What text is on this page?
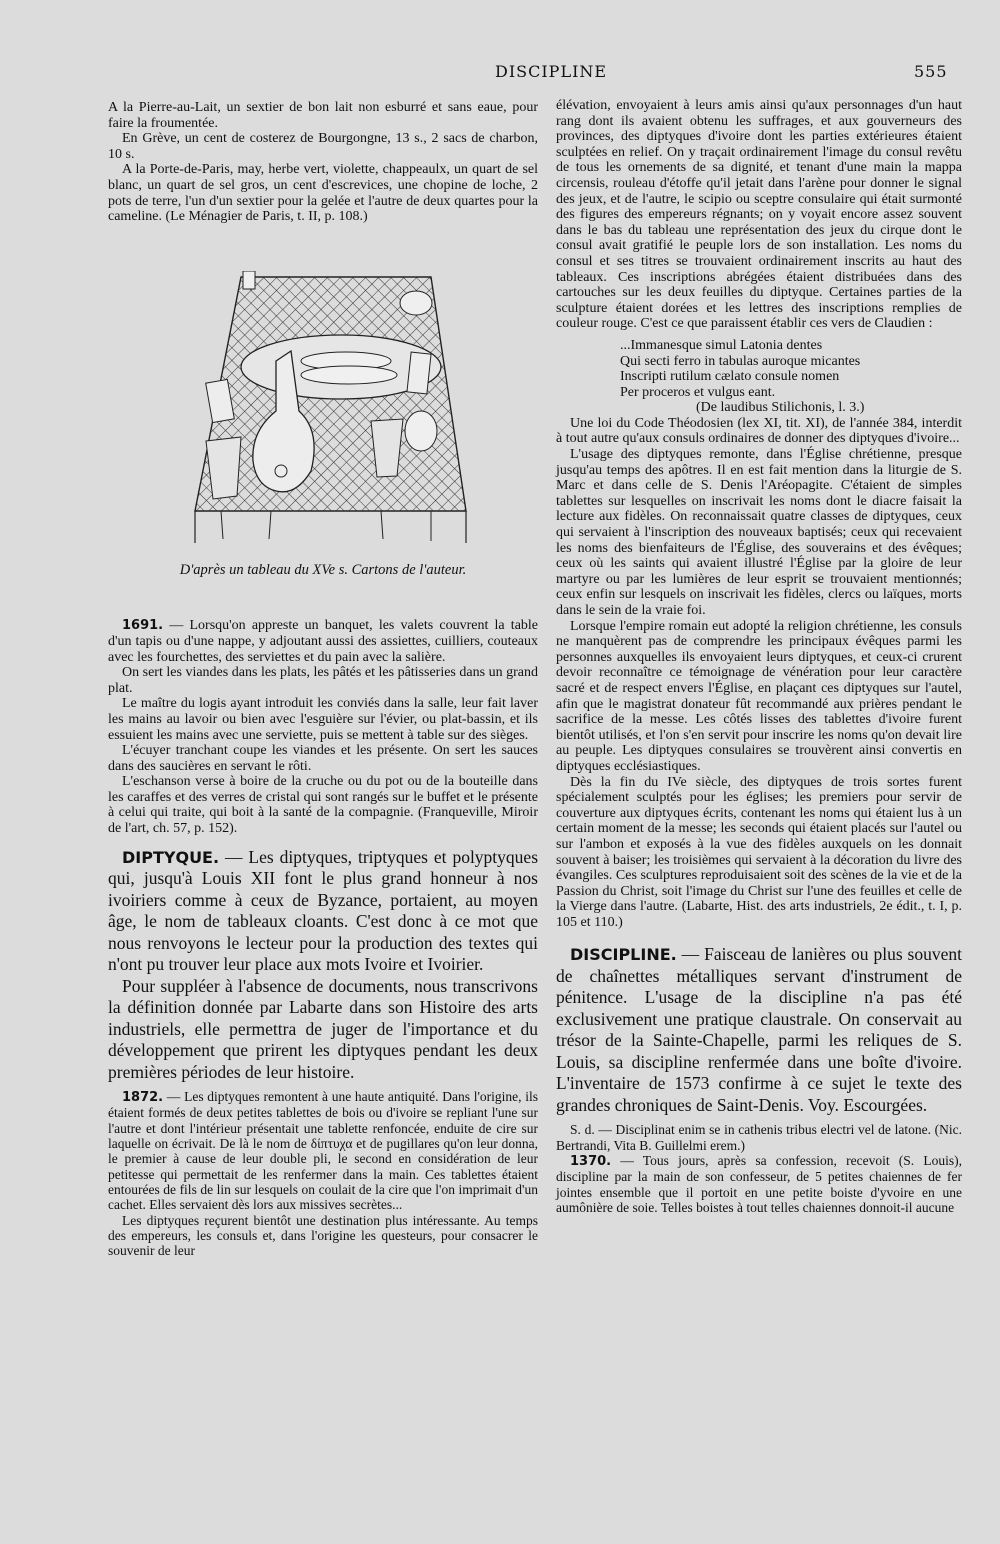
DISCIPLINE	555

A la Pierre-au-Lait, un sextier de bon lait non esburré et sans eaue, pour faire la froumentée.

En Grève, un cent de costerez de Bourgongne, 13 s., 2 sacs de charbon, 10 s.

A la Porte-de-Paris, may, herbe vert, violette, chappeaulx, un quart de sel blanc, un quart de sel gros, un cent d'escrevices, une chopine de loche, 2 pots de terre, l'un d'un sextier pour la gelée et l'autre de deux quartes pour la cameline. (Le Ménagier de Paris, t. II, p. 108.)

D'après un tableau du XVe s. Cartons de l'auteur.

1691. — Lorsqu'on appreste un banquet, les valets couvrent la table d'un tapis ou d'une nappe, y adjoutant aussi des assiettes, cuilliers, couteaux avec les fourchettes, des serviettes et du pain avec la salière.

On sert les viandes dans les plats, les pâtés et les pâtisseries dans un grand plat.

Le maître du logis ayant introduit les conviés dans la salle, leur fait laver les mains au lavoir ou bien avec l'esguière sur l'évier, ou plat-bassin, et ils essuient les mains avec une serviette, puis se mettent à table sur des sièges.

L'écuyer tranchant coupe les viandes et les présente. On sert les sauces dans des saucières en servant le rôti.

L'eschanson verse à boire de la cruche ou du pot ou de la bouteille dans les caraffes et des verres de cristal qui sont rangés sur le buffet et le présente à celui qui traite, qui boit à la santé de la compagnie. (Franqueville, Miroir de l'art, ch. 57, p. 152).

DIPTYQUE. — Les diptyques, triptyques et polyptyques qui, jusqu'à Louis XII font le plus grand honneur à nos ivoiriers comme à ceux de Byzance, portaient, au moyen âge, le nom de tableaux cloants. C'est donc à ce mot que nous renvoyons le lecteur pour la production des textes qui n'ont pu trouver leur place aux mots Ivoire et Ivoirier.

Pour suppléer à l'absence de documents, nous transcrivons la définition donnée par Labarte dans son Histoire des arts industriels, elle permettra de juger de l'importance et du développement que prirent les diptyques pendant les deux premières périodes de leur histoire.

1872. — Les diptyques remontent à une haute antiquité. Dans l'origine, ils étaient formés de deux petites tablettes de bois ou d'ivoire se repliant l'une sur l'autre et dont l'intérieur présentait une tablette renfoncée, enduite de cire sur laquelle on écrivait. De là le nom de δίπτυχα et de pugillares qu'on leur donna, le premier à cause de leur double pli, le second en considération de leur petitesse qui permettait de les renfermer dans la main. Ces tablettes étaient entourées de fils de lin sur lesquels on coulait de la cire que l'on imprimait d'un cachet. Elles servaient dès lors aux missives secrètes...

Les diptyques reçurent bientôt une destination plus intéressante. Au temps des empereurs, les consuls et, dans l'origine les questeurs, pour consacrer le souvenir de leur

élévation, envoyaient à leurs amis ainsi qu'aux personnages d'un haut rang dont ils avaient obtenu les suffrages, et aux gouverneurs des provinces, des diptyques d'ivoire dont les parties extérieures étaient sculptées en relief. On y traçait ordinairement l'image du consul revêtu de tous les ornements de sa dignité, et tenant d'une main la mappa circensis, rouleau d'étoffe qu'il jetait dans l'arène pour donner le signal des jeux, et de l'autre, le scipio ou sceptre consulaire qui était surmonté des figures des empereurs régnants; on y voyait encore assez souvent dans le bas du tableau une représentation des jeux du cirque dont le consul avait gratifié le peuple lors de son installation. Les noms du consul et ses titres se trouvaient ordinairement inscrits au haut des tableaux. Ces inscriptions abrégées étaient distribuées dans des cartouches sur les deux feuilles du diptyque. Certaines parties de la sculpture étaient dorées et les lettres des inscriptions remplies de couleur rouge. C'est ce que paraissent établir ces vers de Claudien :

...Immanesque simul Latonia dentes
Qui secti ferro in tabulas auroque micantes
Inscripti rutilum cælato consule nomen
Per proceros et vulgus eant.
(De laudibus Stilichonis, l. 3.)

Une loi du Code Théodosien (lex XI, tit. XI), de l'année 384, interdit à tout autre qu'aux consuls ordinaires de donner des diptyques d'ivoire...

L'usage des diptyques remonte, dans l'Église chrétienne, presque jusqu'au temps des apôtres. Il en est fait mention dans la liturgie de S. Marc et dans celle de S. Denis l'Aréopagite. C'étaient de simples tablettes sur lesquelles on inscrivait les noms dont le diacre faisait la lecture aux fidèles. On reconnaissait quatre classes de diptyques, ceux qui servaient à l'inscription des nouveaux baptisés; ceux qui recevaient les noms des bienfaiteurs de l'Église, des souverains et des évêques; ceux où les saints qui avaient illustré l'Église par la gloire de leur martyre ou par les lumières de leur esprit se trouvaient mentionnés; ceux enfin sur lesquels on inscrivait les fidèles, clercs ou laïques, morts dans le sein de la vraie foi.

Lorsque l'empire romain eut adopté la religion chrétienne, les consuls ne manquèrent pas de comprendre les principaux évêques parmi les personnes auxquelles ils envoyaient leurs diptyques, et ceux-ci crurent devoir reconnaître ce témoignage de vénération pour leur caractère sacré et de respect envers l'Église, en plaçant ces diptyques sur l'autel, afin que le magistrat donateur fût recommandé aux prières pendant le sacrifice de la messe. Les côtés lisses des tablettes d'ivoire furent bientôt utilisés, et l'on s'en servit pour inscrire les noms qu'on devait lire au peuple. Les diptyques consulaires se trouvèrent ainsi convertis en diptyques ecclésiastiques.

Dès la fin du IVe siècle, des diptyques de trois sortes furent spécialement sculptés pour les églises; les premiers pour servir de couverture aux diptyques écrits, contenant les noms qui étaient lus à un certain moment de la messe; les seconds qui étaient placés sur l'autel ou sur l'ambon et exposés à la vue des fidèles auxquels on les donnait souvent à baiser; les troisièmes qui servaient à la décoration du livre des évangiles. Ces sculptures reproduisaient soit des scènes de la vie et de la Passion du Christ, soit l'image du Christ sur l'une des feuilles et celle de la Vierge dans l'autre. (Labarte, Hist. des arts industriels, 2e édit., t. I, p. 105 et 110.)

DISCIPLINE. — Faisceau de lanières ou plus souvent de chaînettes métalliques servant d'instrument de pénitence. L'usage de la discipline n'a pas été exclusivement une pratique claustrale. On conservait au trésor de la Sainte-Chapelle, parmi les reliques de S. Louis, sa discipline renfermée dans une boîte d'ivoire. L'inventaire de 1573 confirme à ce sujet le texte des grandes chroniques de Saint-Denis. Voy. Escourgées.

S. d. — Disciplinat enim se in cathenis tribus electri vel de latone. (Nic. Bertrandi, Vita B. Guillelmi erem.)

1370. — Tous jours, après sa confession, recevoit (S. Louis), discipline par la main de son confesseur, de 5 petites chaiennes de fer jointes ensemble que il portoit en une petite boiste d'yvoire en une aumônière de soie. Telles boistes à tout telles chaiennes donnoit-il aucune
